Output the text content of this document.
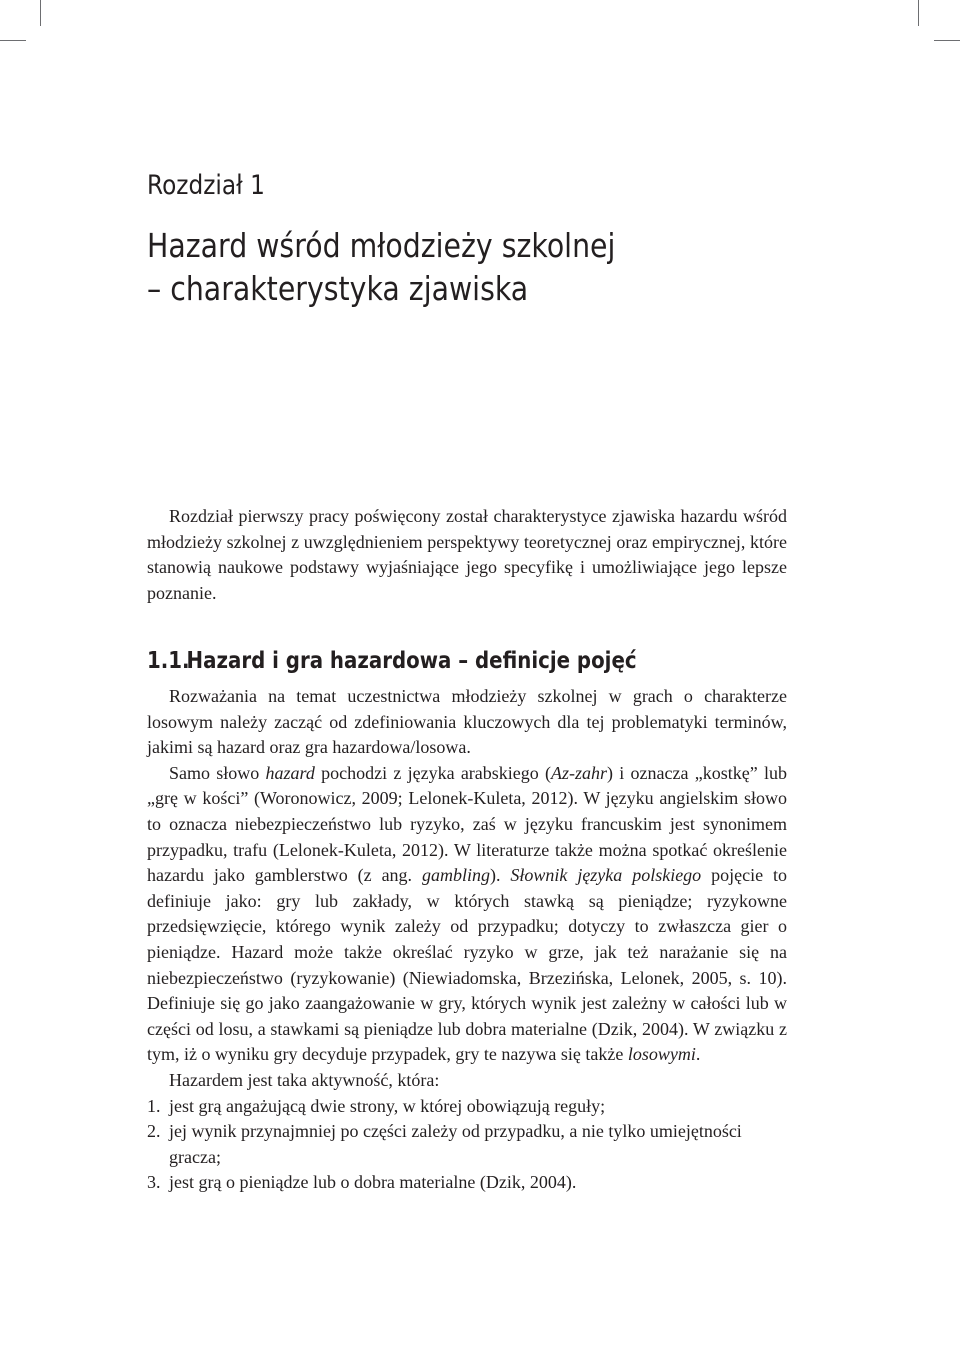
Rozdział 1
Hazard wśród młodzieży szkolnej
– charakterystyka zjawiska

Rozdział pierwszy pracy poświęcony został charakterystyce zjawiska hazardu wśród młodzieży szkolnej z uwzględnieniem perspektywy teoretycznej oraz empirycznej, które stanowią naukowe podstawy wyjaśniające jego specyfikę i umożliwiające jego lepsze poznanie.

1.1.Hazard i gra hazardowa – definicje pojęć

Rozważania na temat uczestnictwa młodzieży szkolnej w grach o charakterze losowym należy zacząć od zdefiniowania kluczowych dla tej problematyki terminów, jakimi są hazard oraz gra hazardowa/losowa.

Samo słowo hazard pochodzi z języka arabskiego (Az-zahr) i oznacza „kostkę” lub „grę w kości” (Woronowicz, 2009; Lelonek-Kuleta, 2012). W języku angielskim słowo to oznacza niebezpieczeństwo lub ryzyko, zaś w języku francuskim jest synonimem przypadku, trafu (Lelonek-Kuleta, 2012). W literaturze także można spotkać określenie hazardu jako gamblerstwo (z ang. gambling). Słownik języka polskiego pojęcie to definiuje jako: gry lub zakłady, w których stawką są pieniądze; ryzykowne przedsięwzięcie, którego wynik zależy od przypadku; dotyczy to zwłaszcza gier o pieniądze. Hazard może także określać ryzyko w grze, jak też narażanie się na niebezpieczeństwo (ryzykowanie) (Niewiadomska, Brzezińska, Lelonek, 2005, s. 10). Definiuje się go jako zaangażowanie w gry, których wynik jest zależny w całości lub w części od losu, a stawkami są pieniądze lub dobra materialne (Dzik, 2004). W związku z tym, iż o wyniku gry decyduje przypadek, gry te nazywa się także losowymi.

Hazardem jest taka aktywność, która:

1. jest grą angażującą dwie strony, w której obowiązują reguły;
2. jej wynik przynajmniej po części zależy od przypadku, a nie tylko umiejętności gracza;
3. jest grą o pieniądze lub o dobra materialne (Dzik, 2004).
